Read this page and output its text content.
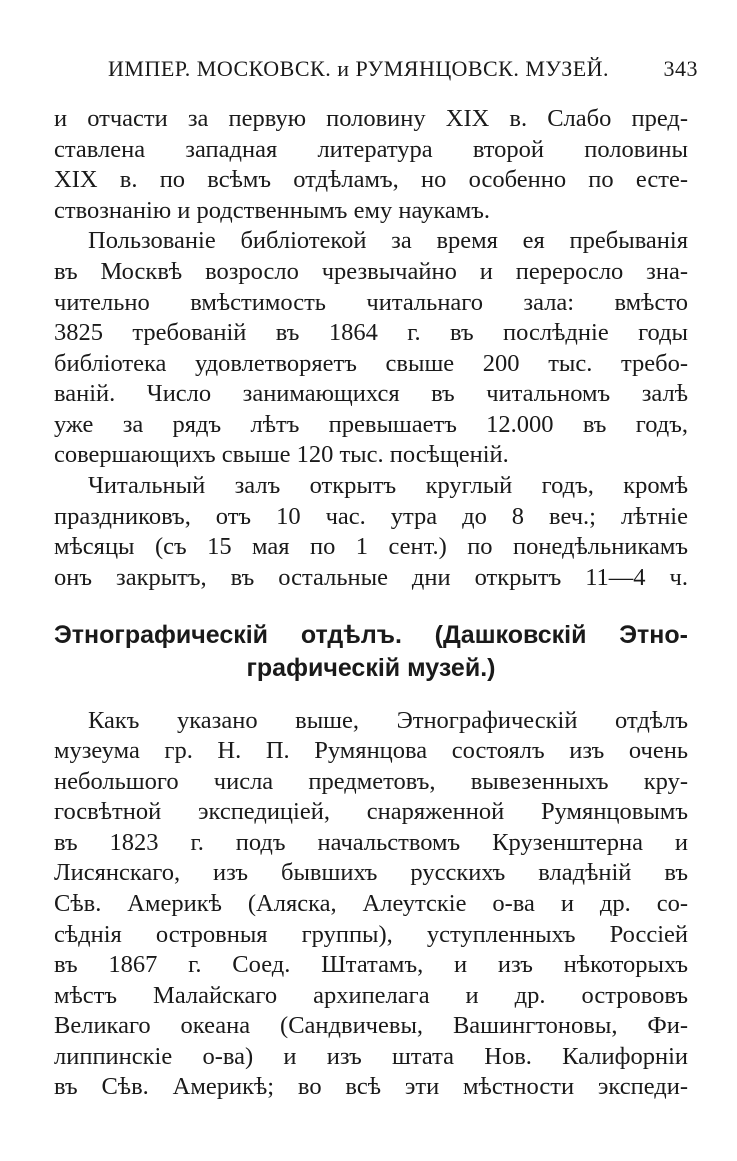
ИМПЕР. МОСКОВСК. и РУМЯНЦОВСК. МУЗЕЙ. 343
и отчасти за первую половину XIX в. Слабо пред-
ставлена западная литература второй половины
XIX в. по всѣмъ отдѣламъ, но особенно по есте-
ствознанію и родственнымъ ему наукамъ.
Пользованіе библіотекой за время ея пребыванія
въ Москвѣ возросло чрезвычайно и переросло зна-
чительно вмѣстимость читальнаго зала: вмѣсто
3825 требованій въ 1864 г. въ послѣдніе годы
библіотека удовлетворяетъ свыше 200 тыс. требо-
ваній. Число занимающихся въ читальномъ залѣ
уже за рядъ лѣтъ превышаетъ 12.000 въ годъ,
совершающихъ свыше 120 тыс. посѣщеній.
Читальный залъ открытъ круглый годъ, кромѣ
праздниковъ, отъ 10 час. утра до 8 веч.; лѣтніе
мѣсяцы (съ 15 мая по 1 сент.) по понедѣльникамъ
онъ закрытъ, въ остальные дни открытъ 11—4 ч.
Этнографическій отдѣлъ. (Дашковскій Этно-
графическій музей.)
Какъ указано выше, Этнографическій отдѣлъ
музеума гр. Н. П. Румянцова состоялъ изъ очень
небольшого числа предметовъ, вывезенныхъ кру-
госвѣтной экспедиціей, снаряженной Румянцовымъ
въ 1823 г. подъ начальствомъ Крузенштерна и
Лисянскаго, изъ бывшихъ русскихъ владѣній въ
Сѣв. Америкѣ (Аляска, Алеутскіе о-ва и др. со-
сѣднія островныя группы), уступленныхъ Россіей
въ 1867 г. Соед. Штатамъ, и изъ нѣкоторыхъ
мѣстъ Малайскаго архипелага и др. острововъ
Великаго океана (Сандвичевы, Вашингтоновы, Фи-
липпинскіе о-ва) и изъ штата Нов. Калифорніи
въ Сѣв. Америкѣ; во всѣ эти мѣстности экспеди-
